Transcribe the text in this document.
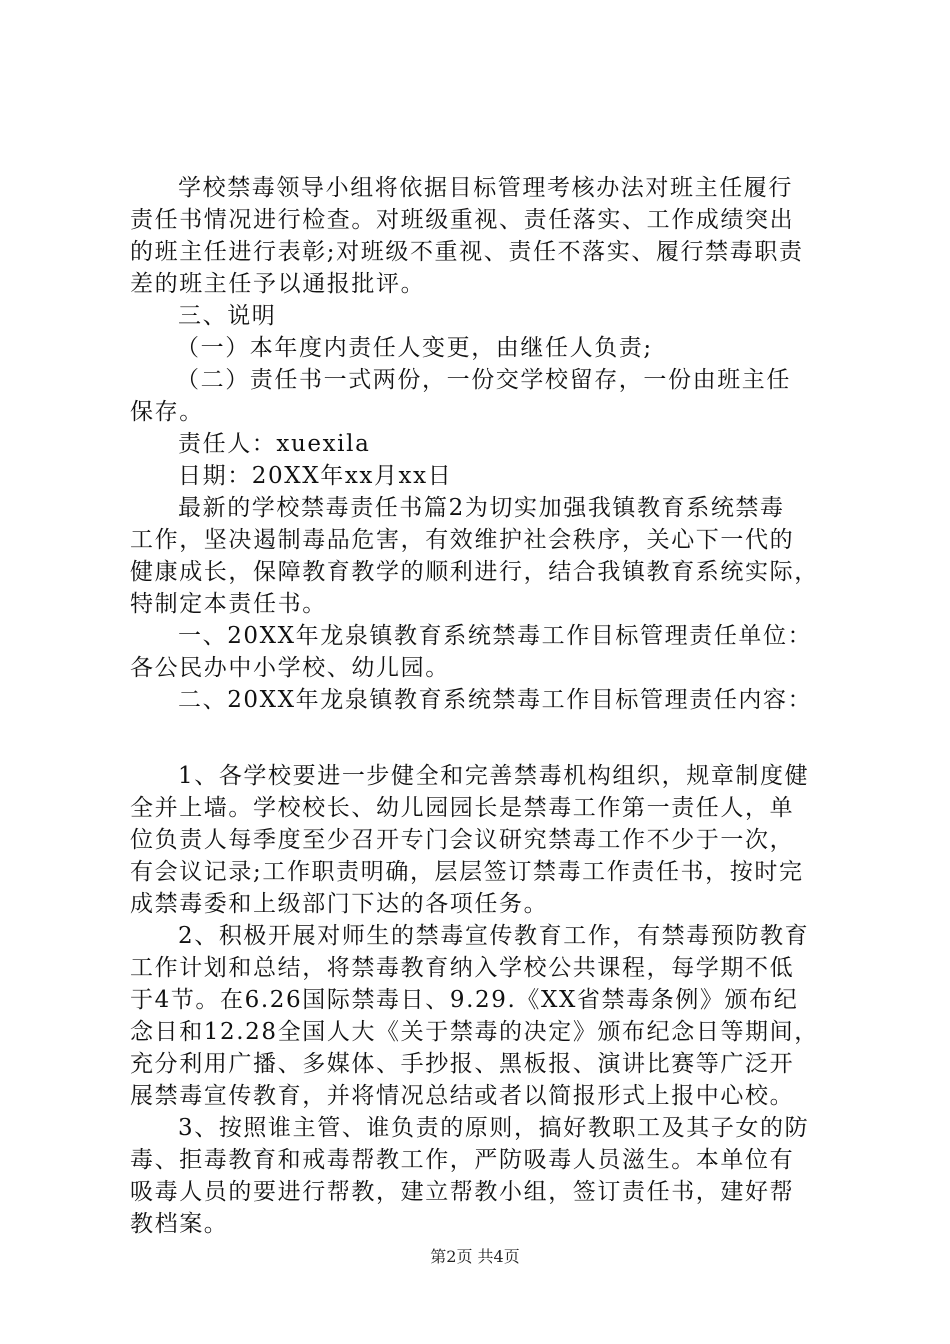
学校禁毒领导小组将依据目标管理考核办法对班主任履行
责任书情况进行检查。对班级重视、责任落实、工作成绩突出
的班主任进行表彰;对班级不重视、责任不落实、履行禁毒职责
差的班主任予以通报批评。
三、说明
（一）本年度内责任人变更，由继任人负责;
（二）责任书一式两份，一份交学校留存，一份由班主任
保存。
责任人：xuexila
日期：20XX年xx月xx日
最新的学校禁毒责任书篇2为切实加强我镇教育系统禁毒
工作，坚决遏制毒品危害，有效维护社会秩序，关心下一代的
健康成长，保障教育教学的顺利进行，结合我镇教育系统实际，
特制定本责任书。
一、20XX年龙泉镇教育系统禁毒工作目标管理责任单位：
各公民办中小学校、幼儿园。
二、20XX年龙泉镇教育系统禁毒工作目标管理责任内容：
1、各学校要进一步健全和完善禁毒机构组织，规章制度健
全并上墙。学校校长、幼儿园园长是禁毒工作第一责任人，单
位负责人每季度至少召开专门会议研究禁毒工作不少于一次，
有会议记录;工作职责明确，层层签订禁毒工作责任书，按时完
成禁毒委和上级部门下达的各项任务。
2、积极开展对师生的禁毒宣传教育工作，有禁毒预防教育
工作计划和总结，将禁毒教育纳入学校公共课程，每学期不低
于4节。在6.26国际禁毒日、9.29.《XX省禁毒条例》颁布纪
念日和12.28全国人大《关于禁毒的决定》颁布纪念日等期间，
充分利用广播、多媒体、手抄报、黑板报、演讲比赛等广泛开
展禁毒宣传教育，并将情况总结或者以简报形式上报中心校。
3、按照谁主管、谁负责的原则，搞好教职工及其子女的防
毒、拒毒教育和戒毒帮教工作，严防吸毒人员滋生。本单位有
吸毒人员的要进行帮教，建立帮教小组，签订责任书，建好帮
教档案。
第2页 共4页
